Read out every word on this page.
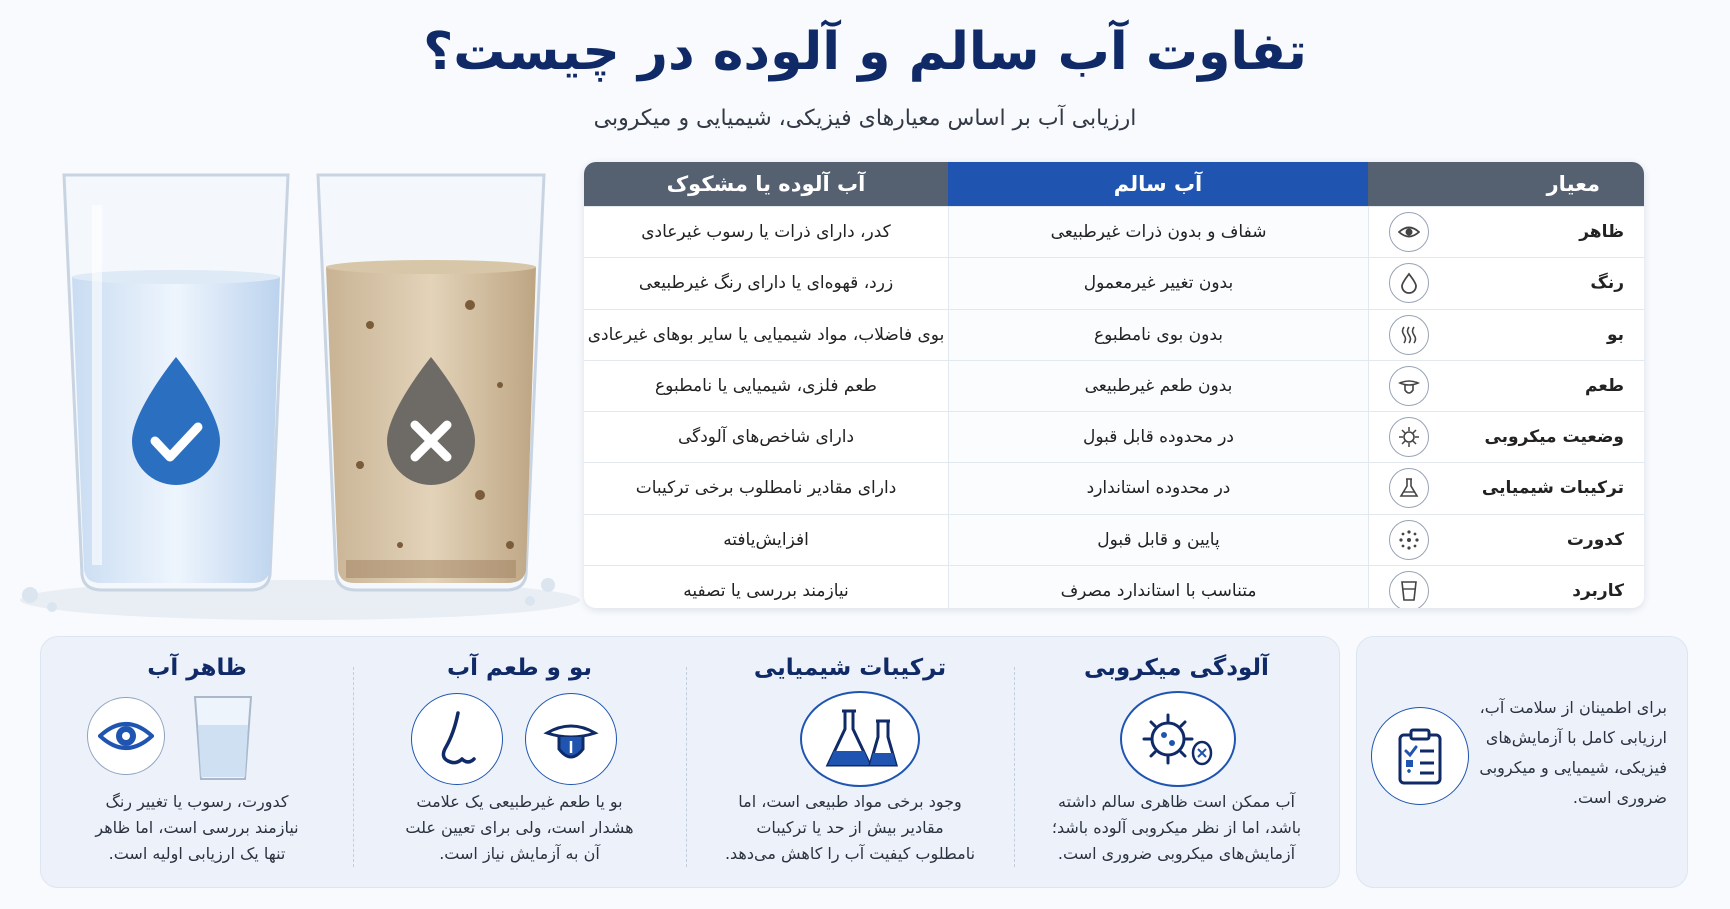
تفاوت آب سالم و آلوده در چیست؟

ارزیابی آب بر اساس معیارهای فیزیکی، شیمیایی و میکروبی

معیار
آب سالم
آب آلوده یا مشکوک
ظاهر
شفاف و بدون ذرات غیرطبیعی
کدر، دارای ذرات یا رسوب غیرعادی
رنگ
بدون تغییر غیرمعمول
زرد، قهوه‌ای یا دارای رنگ غیرطبیعی
بو
بدون بوی نامطبوع
بوی فاضلاب، مواد شیمیایی یا سایر بوهای غیرعادی
طعم
بدون طعم غیرطبیعی
طعم فلزی، شیمیایی یا نامطبوع
وضعیت میکروبی
در محدوده قابل قبول
دارای شاخص‌های آلودگی
ترکیبات شیمیایی
در محدوده استاندارد
دارای مقادیر نامطلوب برخی ترکیبات
کدورت
پایین و قابل قبول
افزایش‌یافته
کاربرد
متناسب با استاندارد مصرف
نیازمند بررسی یا تصفیه
ظاهر آب
کدورت، رسوب یا تغییر رنگ
نیازمند بررسی است، اما ظاهر
تنها یک ارزیابی اولیه است.
بو و طعم آب
بو یا طعم غیرطبیعی یک علامت
هشدار است، ولی برای تعیین علت
آن به آزمایش نیاز است.
ترکیبات شیمیایی
وجود برخی مواد طبیعی است، اما
مقادیر بیش از حد یا ترکیبات
نامطلوب کیفیت آب را کاهش می‌دهد.
آلودگی میکروبی
آب ممکن است ظاهری سالم داشته
باشد، اما از نظر میکروبی آلوده باشد؛
آزمایش‌های میکروبی ضروری است.
برای اطمینان از سلامت آب،
ارزیابی کامل با آزمایش‌های
فیزیکی، شیمیایی و میکروبی
ضروری است.
